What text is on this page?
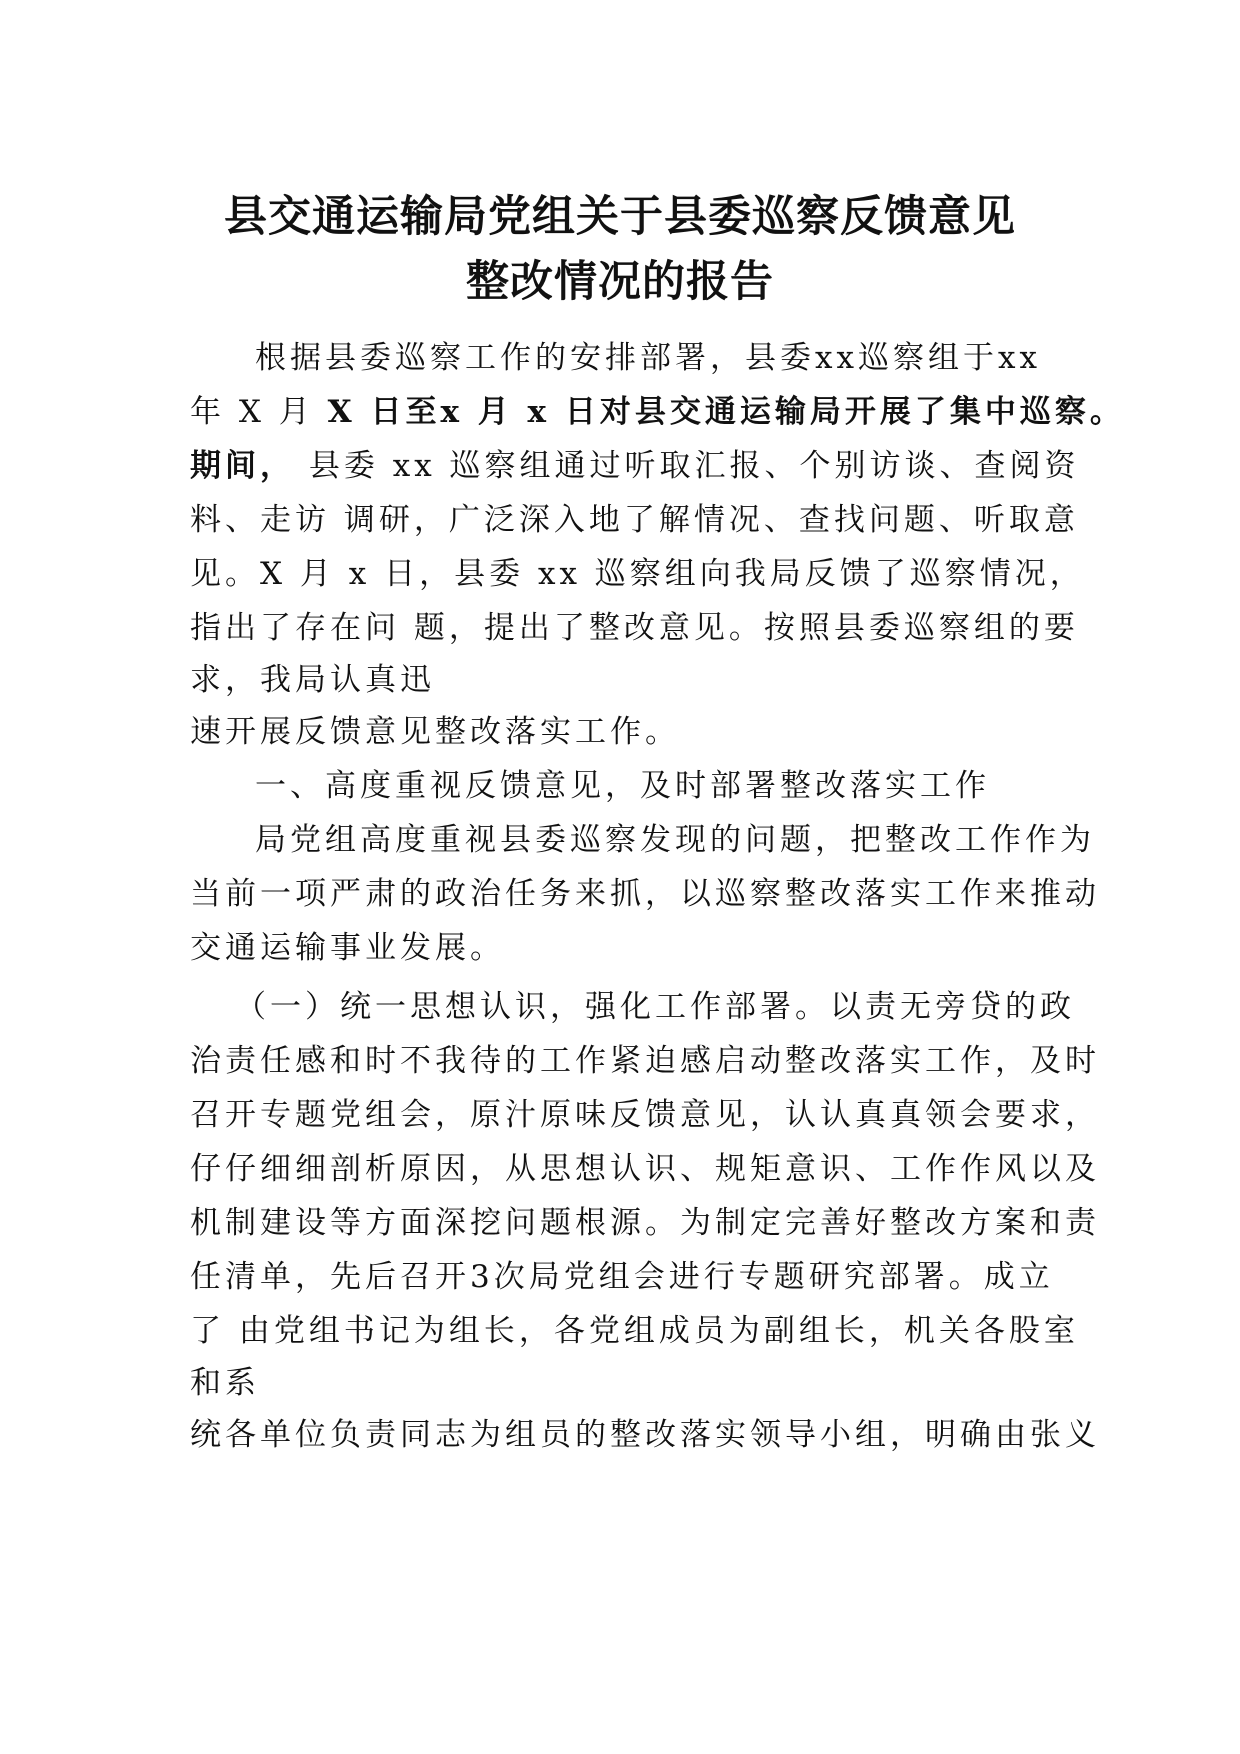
县交通运输局党组关于县委巡察反馈意见
整改情况的报告
根据县委巡察工作的安排部署，县委xx巡察组于xx
年 X 月 X 日至x 月 x 日对县交通运输局开展了集中巡察。
期间， 县委 xx 巡察组通过听取汇报、个别访谈、查阅资
料、走访 调研，广泛深入地了解情况、查找问题、听取意
见。X 月 x 日，县委 xx 巡察组向我局反馈了巡察情况，
指出了存在问 题，提出了整改意见。按照县委巡察组的要
求，我局认真迅
速开展反馈意见整改落实工作。
一、高度重视反馈意见，及时部署整改落实工作
局党组高度重视县委巡察发现的问题，把整改工作作为
当前一项严肃的政治任务来抓，以巡察整改落实工作来推动
交通运输事业发展。
（一）统一思想认识，强化工作部署。以责无旁贷的政
治责任感和时不我待的工作紧迫感启动整改落实工作，及时
召开专题党组会，原汁原味反馈意见，认认真真领会要求，
仔仔细细剖析原因，从思想认识、规矩意识、工作作风以及
机制建设等方面深挖问题根源。为制定完善好整改方案和责
任清单，先后召开3次局党组会进行专题研究部署。成立
了 由党组书记为组长，各党组成员为副组长，机关各股室
和系
统各单位负责同志为组员的整改落实领导小组，明确由张义
